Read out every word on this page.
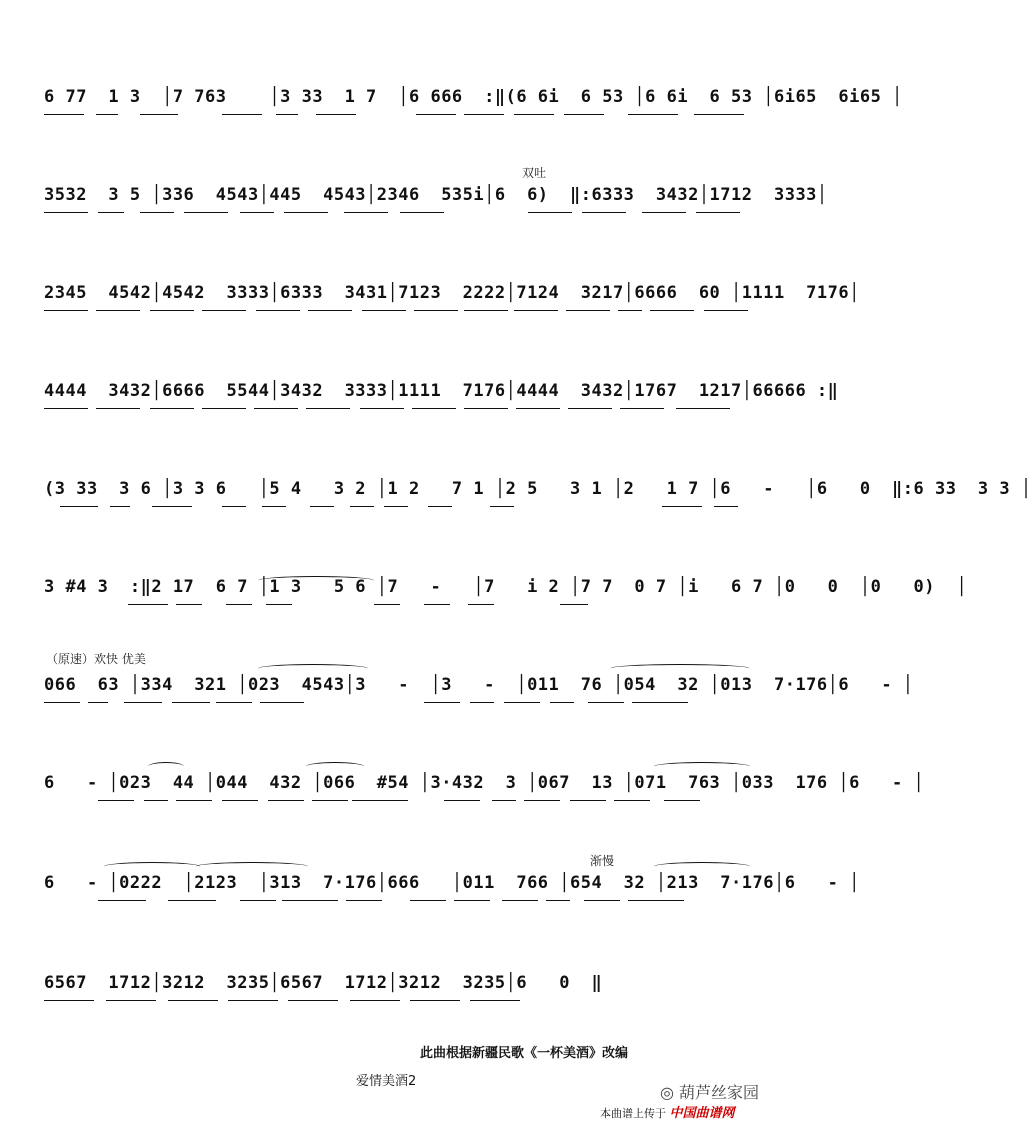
6 77  1 3  │7 763    │3 33  1 7  │6 666  :‖(6 6i  6 53 │6 6i  6 53 │6i65  6i65 │
双吐
3532  3 5 │336  4543│445  4543│2346  535i│6  6)  ‖:6333  3432│1712  3333│
2345  4542│4542  3333│6333  3431│7123  2222│7124  3217│6666  60 │1111  7176│
4444  3432│6666  5544│3432  3333│1111  7176│4444  3432│1767  1217│66666 :‖
(3 33  3 6 │3 3 6   │5 4   3 2 │1 2   7 1 │2 5   3 1 │2   1 7 │6   -   │6   0  ‖:6 33  3 3 │
3 #4 3  :‖2 17  6 7 │1 3   5 6 │7   -   │7   i 2 │7 7  0 7 │i   6 7 │0   0  │0   0)  │
（原速）欢快 优美
066  63 │334  321 │023  4543│3   -  │3   -  │011  76 │054  32 │013  7·176│6   - │
6   - │023  44 │044  432 │066  #54 │3·432  3 │067  13 │071  763 │033  176 │6   - │
渐慢
6   - │0222  │2123  │313  7·176│666   │011  766 │654  32 │213  7·176│6   - │
6567  1712│3212  3235│6567  1712│3212  3235│6   0  ‖
此曲根据新疆民歌《一杯美酒》改编
爱情美酒2
◎ 葫芦丝家园
本曲谱上传于 中国曲谱网
